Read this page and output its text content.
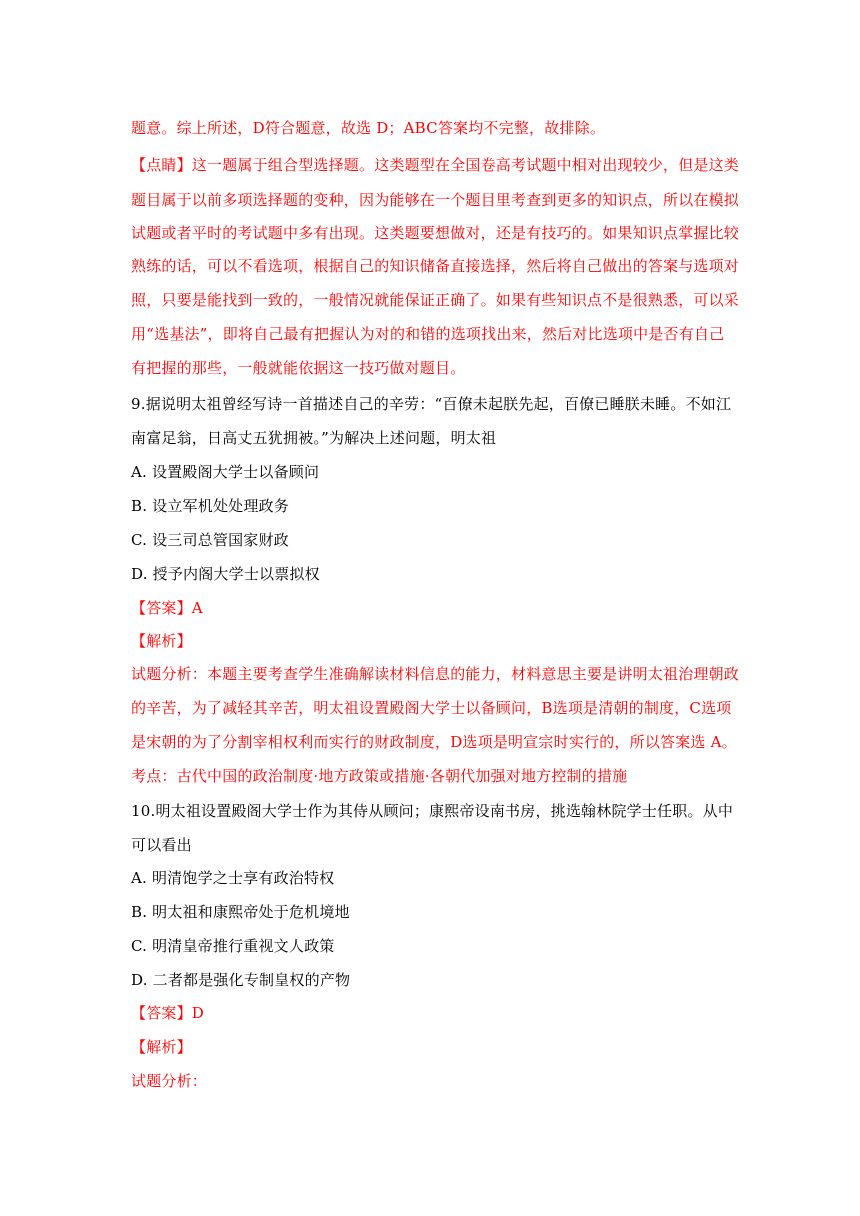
题意。综上所述，D符合题意，故选 D；ABC答案均不完整，故排除。
【点睛】这一题属于组合型选择题。这类题型在全国卷高考试题中相对出现较少，但是这类
题目属于以前多项选择题的变种，因为能够在一个题目里考查到更多的知识点，所以在模拟
试题或者平时的考试题中多有出现。这类题要想做对，还是有技巧的。如果知识点掌握比较
熟练的话，可以不看选项，根据自己的知识储备直接选择，然后将自己做出的答案与选项对
照，只要是能找到一致的，一般情况就能保证正确了。如果有些知识点不是很熟悉，可以采
用“选基法”，即将自己最有把握认为对的和错的选项找出来，然后对比选项中是否有自己
有把握的那些，一般就能依据这一技巧做对题目。
9.据说明太祖曾经写诗一首描述自己的辛劳：“百僚未起朕先起，百僚已睡朕未睡。不如江
南富足翁，日高丈五犹拥被。”为解决上述问题，明太祖
A. 设置殿阁大学士以备顾问
B. 设立军机处处理政务
C. 设三司总管国家财政
D. 授予内阁大学士以票拟权
【答案】A
【解析】
试题分析：本题主要考查学生准确解读材料信息的能力，材料意思主要是讲明太祖治理朝政
的辛苦，为了减轻其辛苦，明太祖设置殿阁大学士以备顾问，B选项是清朝的制度，C选项
是宋朝的为了分割宰相权利而实行的财政制度，D选项是明宣宗时实行的，所以答案选 A。
考点：古代中国的政治制度·地方政策或措施·各朝代加强对地方控制的措施
10.明太祖设置殿阁大学士作为其侍从顾问；康熙帝设南书房，挑选翰林院学士任职。从中
可以看出
A. 明清饱学之士享有政治特权
B. 明太祖和康熙帝处于危机境地
C. 明清皇帝推行重视文人政策
D. 二者都是强化专制皇权的产物
【答案】D
【解析】
试题分析：
